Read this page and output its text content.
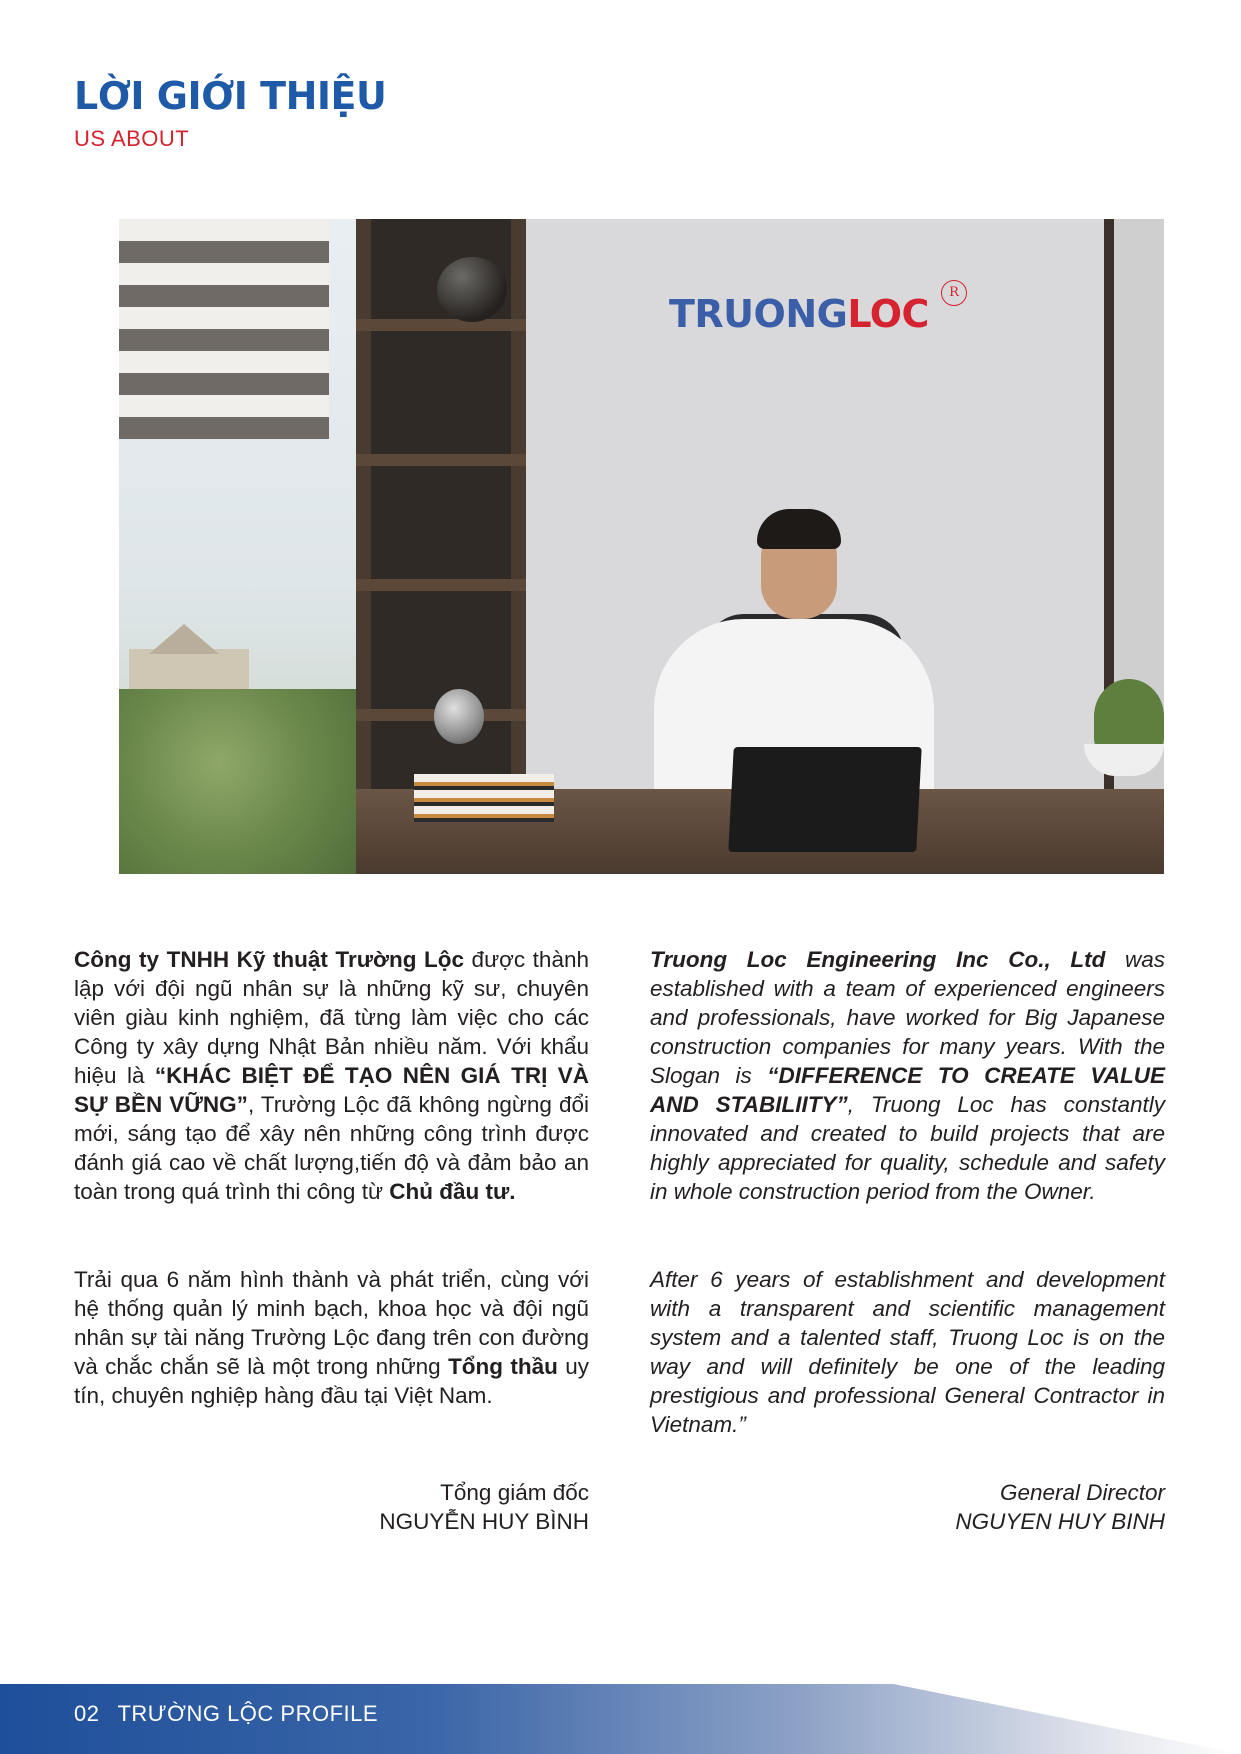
LỜI GIỚI THIỆU
US ABOUT
TRUONGLOC	R
Công ty TNHH Kỹ thuật Trường Lộc được thành lập với đội ngũ nhân sự là những kỹ sư, chuyên viên giàu kinh nghiệm, đã từng làm việc cho các Công ty xây dựng Nhật Bản nhiều năm. Với khẩu hiệu là “KHÁC BIỆT ĐỂ TẠO NÊN GIÁ TRỊ VÀ SỰ BỀN VỮNG”, Trường Lộc đã không ngừng đổi mới, sáng tạo để xây nên những công trình được đánh giá cao về chất lượng,tiến độ và đảm bảo an toàn trong quá trình thi công từ Chủ đầu tư.
Trải qua 6 năm hình thành và phát triển, cùng với hệ thống quản lý minh bạch, khoa học và đội ngũ nhân sự tài năng Trường Lộc đang trên con đường và chắc chắn sẽ là một trong những Tổng thầu uy tín, chuyên nghiệp hàng đầu tại Việt Nam.
Tổng giám đốc
NGUYỄN HUY BÌNH
Truong Loc Engineering Inc Co., Ltd was established with a team of experienced engineers and professionals, have worked for Big Japanese construction companies for many years. With the Slogan is “DIFFERENCE TO CREATE VALUE AND STABILIITY”, Truong Loc has constantly innovated and created to build projects that are highly appreciated for quality, schedule and safety in whole construction period from the Owner.
After 6 years of establishment and development with a transparent and scientific management system and a talented staff, Truong Loc is on the way and will definitely be one of the leading prestigious and professional General Contractor in Vietnam.”
General Director
NGUYEN HUY BINH
02 TRƯỜNG LỘC PROFILE
